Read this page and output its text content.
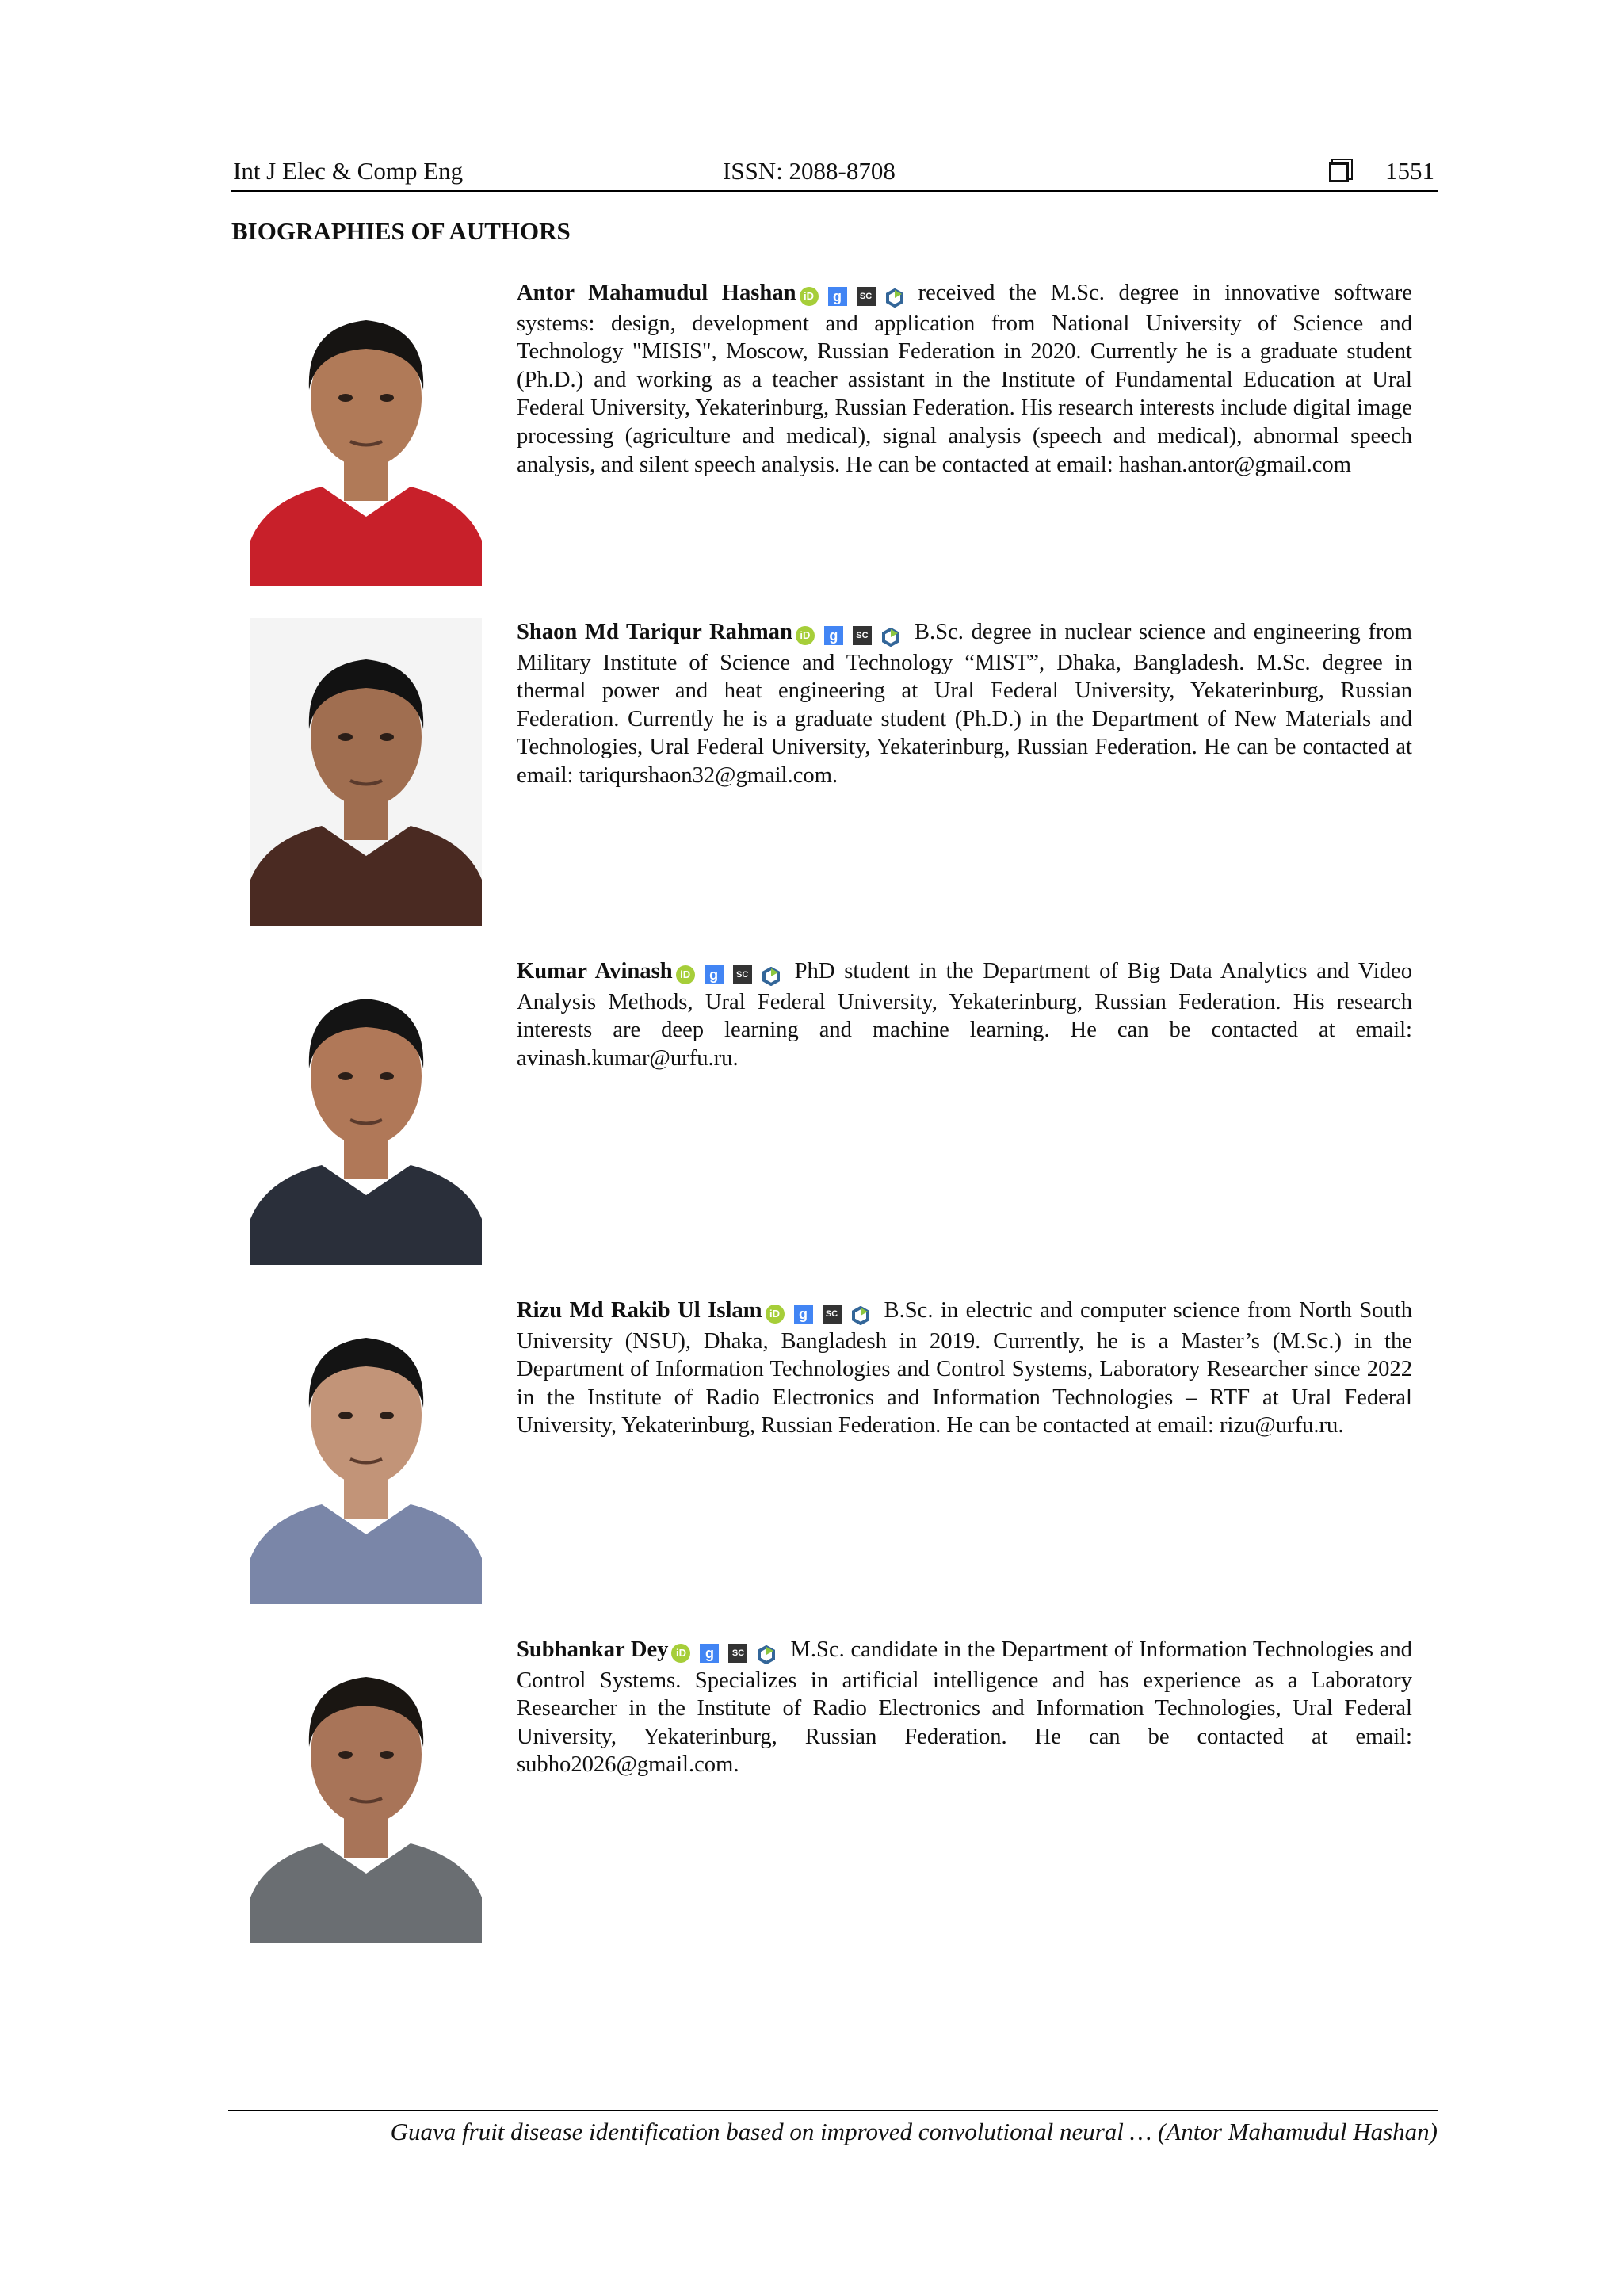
Int J Elec & Comp Eng	ISSN: 2088-8708	1551
BIOGRAPHIES OF AUTHORS
Antor Mahamudul Hashan iD g SC received the M.Sc. degree in innovative software systems: design, development and application from National University of Science and Technology "MISIS", Moscow, Russian Federation in 2020. Currently he is a graduate student (Ph.D.) and working as a teacher assistant in the Institute of Fundamental Education at Ural Federal University, Yekaterinburg, Russian Federation. His research interests include digital image processing (agriculture and medical), signal analysis (speech and medical), abnormal speech analysis, and silent speech analysis. He can be contacted at email: hashan.antor@gmail.com
Shaon Md Tariqur Rahman iD g SC B.Sc. degree in nuclear science and engineering from Military Institute of Science and Technology “MIST”, Dhaka, Bangladesh. M.Sc. degree in thermal power and heat engineering at Ural Federal University, Yekaterinburg, Russian Federation. Currently he is a graduate student (Ph.D.) in the Department of New Materials and Technologies, Ural Federal University, Yekaterinburg, Russian Federation. He can be contacted at email: tariqurshaon32@gmail.com.
Kumar Avinash iD g SC PhD student in the Department of Big Data Analytics and Video Analysis Methods, Ural Federal University, Yekaterinburg, Russian Federation. His research interests are deep learning and machine learning. He can be contacted at email: avinash.kumar@urfu.ru.
Rizu Md Rakib Ul Islam iD g SC B.Sc. in electric and computer science from North South University (NSU), Dhaka, Bangladesh in 2019. Currently, he is a Master’s (M.Sc.) in the Department of Information Technologies and Control Systems, Laboratory Researcher since 2022 in the Institute of Radio Electronics and Information Technologies – RTF at Ural Federal University, Yekaterinburg, Russian Federation. He can be contacted at email: rizu@urfu.ru.
Subhankar Dey iD g SC M.Sc. candidate in the Department of Information Technologies and Control Systems. Specializes in artificial intelligence and has experience as a Laboratory Researcher in the Institute of Radio Electronics and Information Technologies, Ural Federal University, Yekaterinburg, Russian Federation. He can be contacted at email: subho2026@gmail.com.
Guava fruit disease identification based on improved convolutional neural … (Antor Mahamudul Hashan)
